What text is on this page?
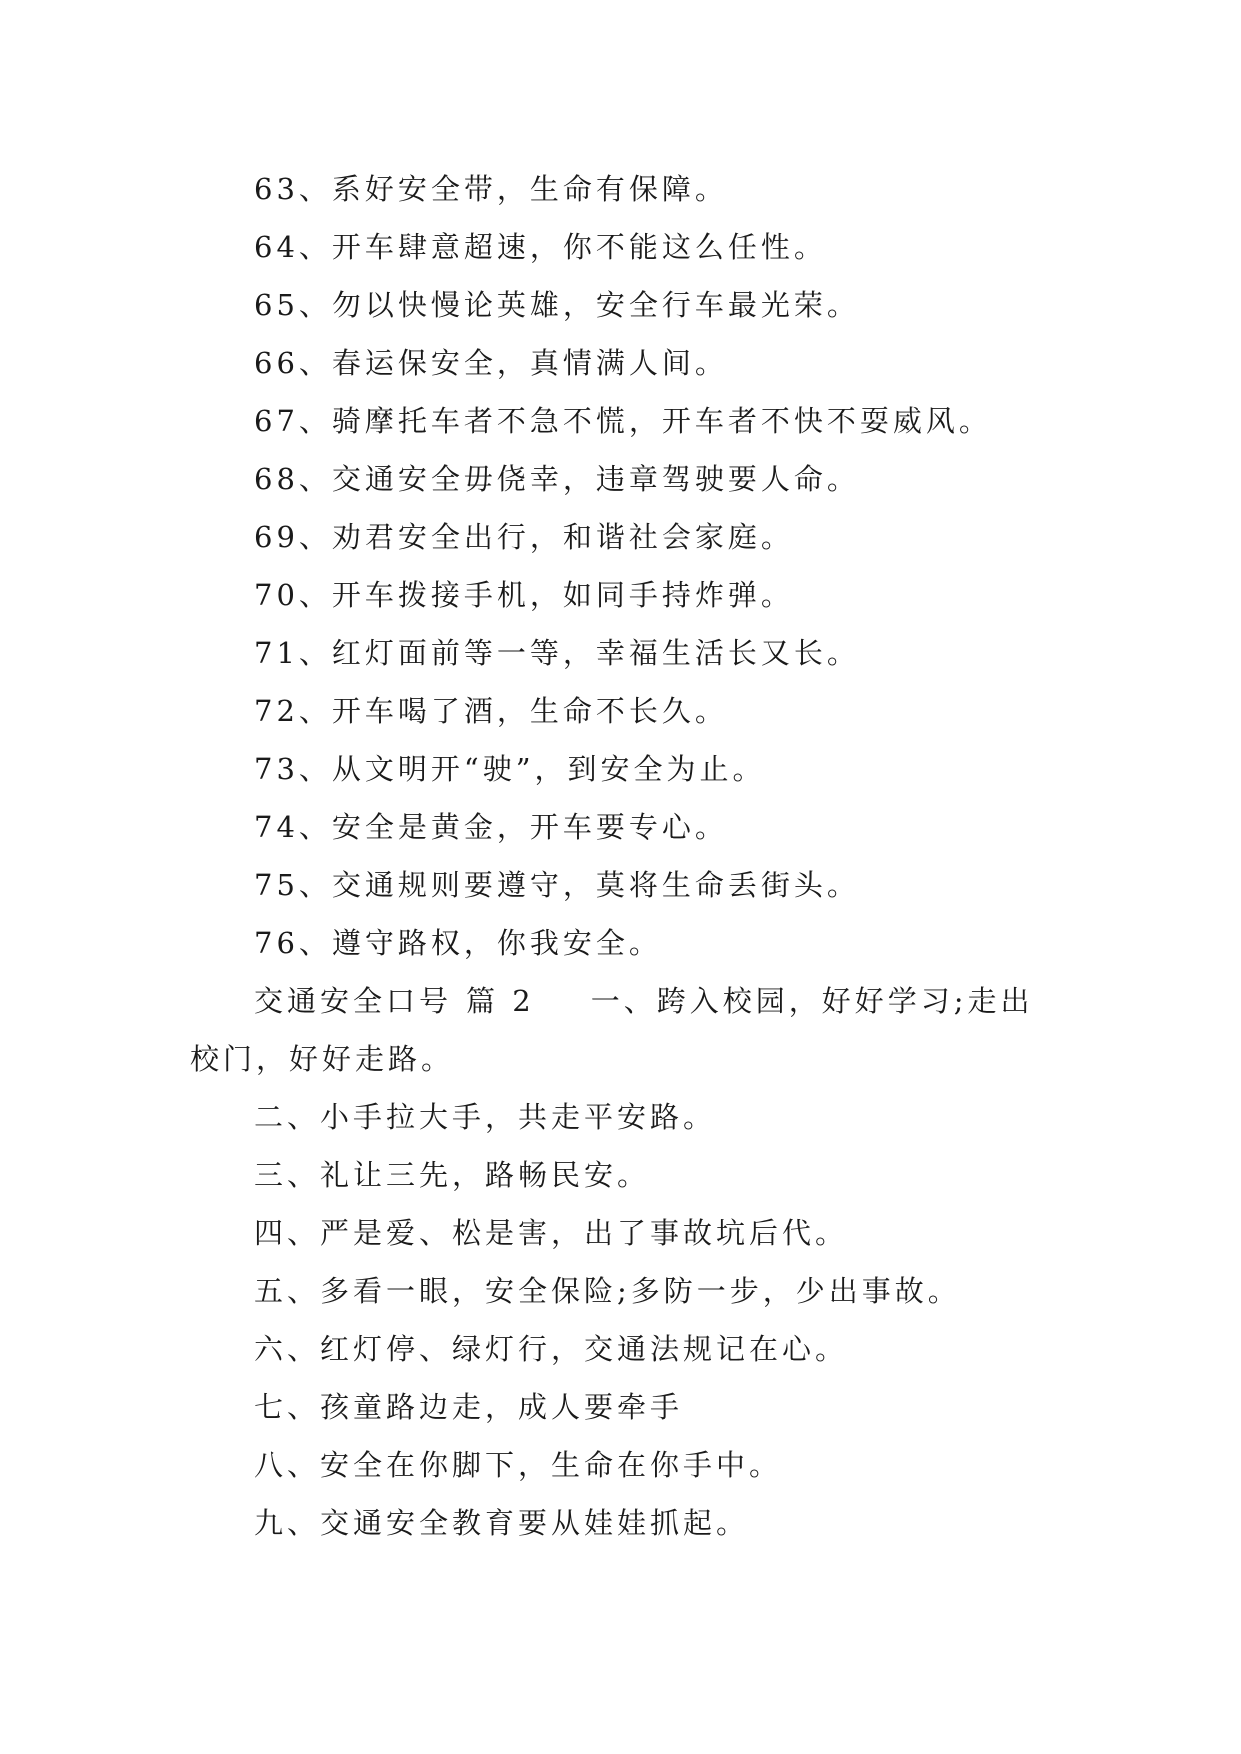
63、系好安全带，生命有保障。
64、开车肆意超速，你不能这么任性。
65、勿以快慢论英雄，安全行车最光荣。
66、春运保安全，真情满人间。
67、骑摩托车者不急不慌，开车者不快不耍威风。
68、交通安全毋侥幸，违章驾驶要人命。
69、劝君安全出行，和谐社会家庭。
70、开车拨接手机，如同手持炸弹。
71、红灯面前等一等，幸福生活长又长。
72、开车喝了酒，生命不长久。
73、从文明开“驶”，到安全为止。
74、安全是黄金，开车要专心。
75、交通规则要遵守，莫将生命丢街头。
76、遵守路权，你我安全。
交通安全口号 篇 2 一、跨入校园，好好学习;走出校门，好好走路。
二、小手拉大手，共走平安路。
三、礼让三先，路畅民安。
四、严是爱、松是害，出了事故坑后代。
五、多看一眼，安全保险;多防一步，少出事故。
六、红灯停、绿灯行，交通法规记在心。
七、孩童路边走，成人要牵手
八、安全在你脚下，生命在你手中。
九、交通安全教育要从娃娃抓起。
